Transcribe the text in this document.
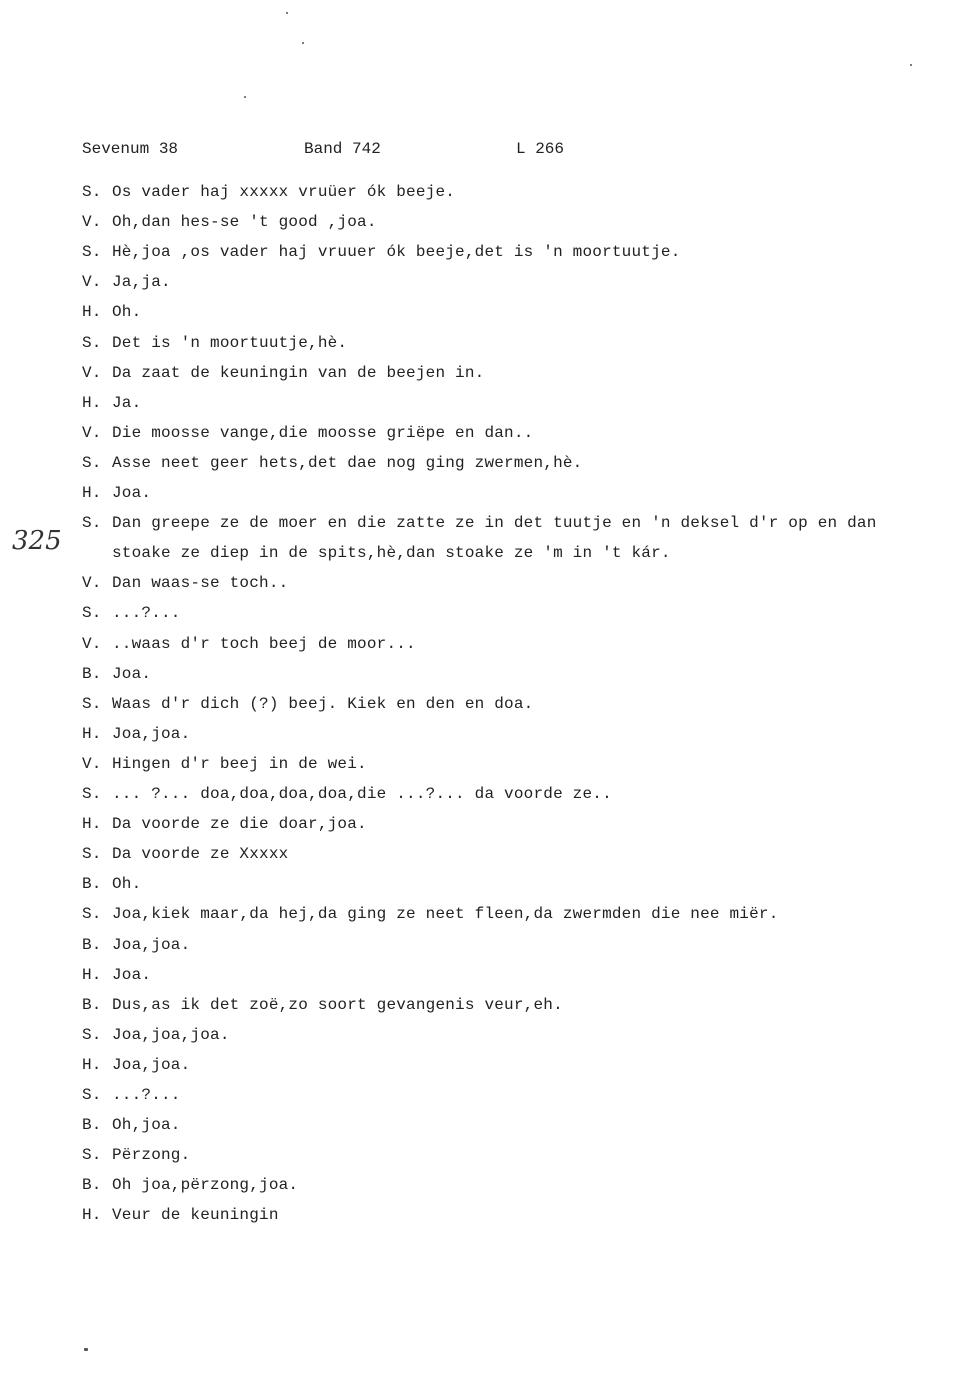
Sevenum 38	Band 742	L 266
325
S. Os vader haj xxxxx vruüer ók beeje.
V. Oh,dan hes-se 't good ,joa.
S. Hè,joa ,os vader haj vruuer ók beeje,det is 'n moortuutje.
V. Ja,ja.
H. Oh.
S. Det is 'n moortuutje,hè.
V. Da zaat de keuningin van de beejen in.
H. Ja.
V. Die moosse vange,die moosse griëpe en dan..
S. Asse neet geer hets,det dae nog ging zwermen,hè.
H. Joa.
S. Dan greepe ze de moer en die zatte ze in det tuutje en 'n deksel d'r op en dan
stoake ze diep in de spits,hè,dan stoake ze 'm in 't kár.
V. Dan waas-se toch..
S. ...?...
V. ..waas d'r toch beej de moor...
B. Joa.
S. Waas d'r dich (?) beej. Kiek en den en doa.
H. Joa,joa.
V. Hingen d'r beej in de wei.
S. ... ?... doa,doa,doa,doa,die ...?... da voorde ze..
H. Da voorde ze die doar,joa.
S. Da voorde ze Xxxxx
B. Oh.
S. Joa,kiek maar,da hej,da ging ze neet fleen,da zwermden die nee miër.
B. Joa,joa.
H. Joa.
B. Dus,as ik det zoë,zo soort gevangenis veur,eh.
S. Joa,joa,joa.
H. Joa,joa.
S. ...?...
B. Oh,joa.
S. Përzong.
B. Oh joa,përzong,joa.
H. Veur de keuningin
